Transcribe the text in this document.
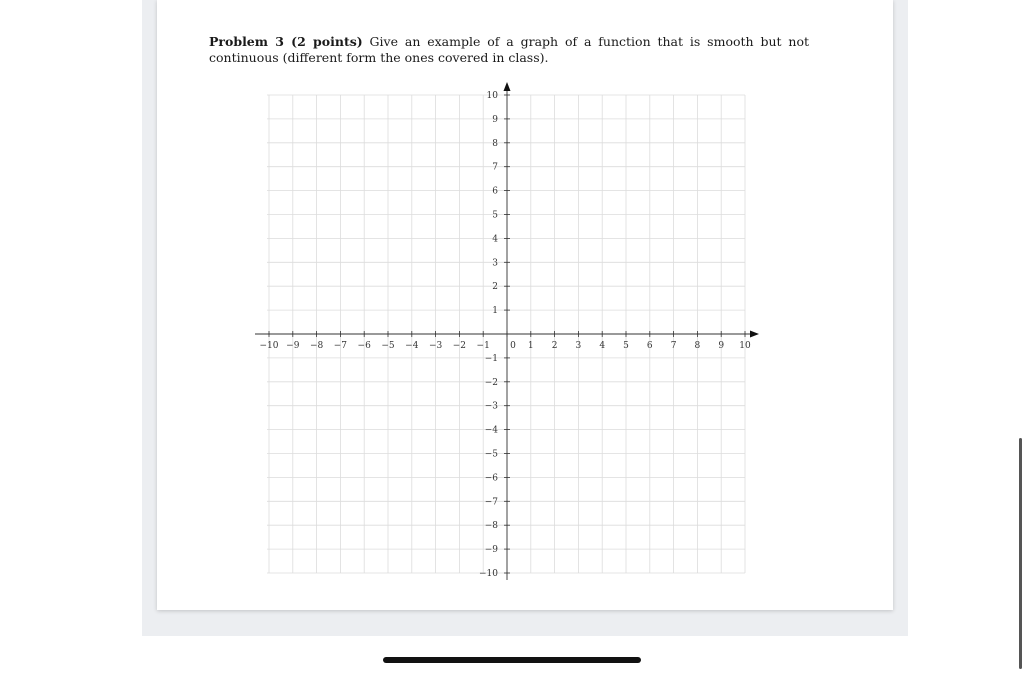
Problem 3 (2 points) Give an example of a graph of a function that is smooth but not continuous (different form the ones covered in class).
−10 −9 −8 −7 −6 −5 −4 −3 −2 −1 0 1 2 3 4 5 6 7 8 9 10
1
2
3
4
5
6
7
8
9
10
−1
−2
−3
−4
−5
−6
−7
−8
−9
−10
